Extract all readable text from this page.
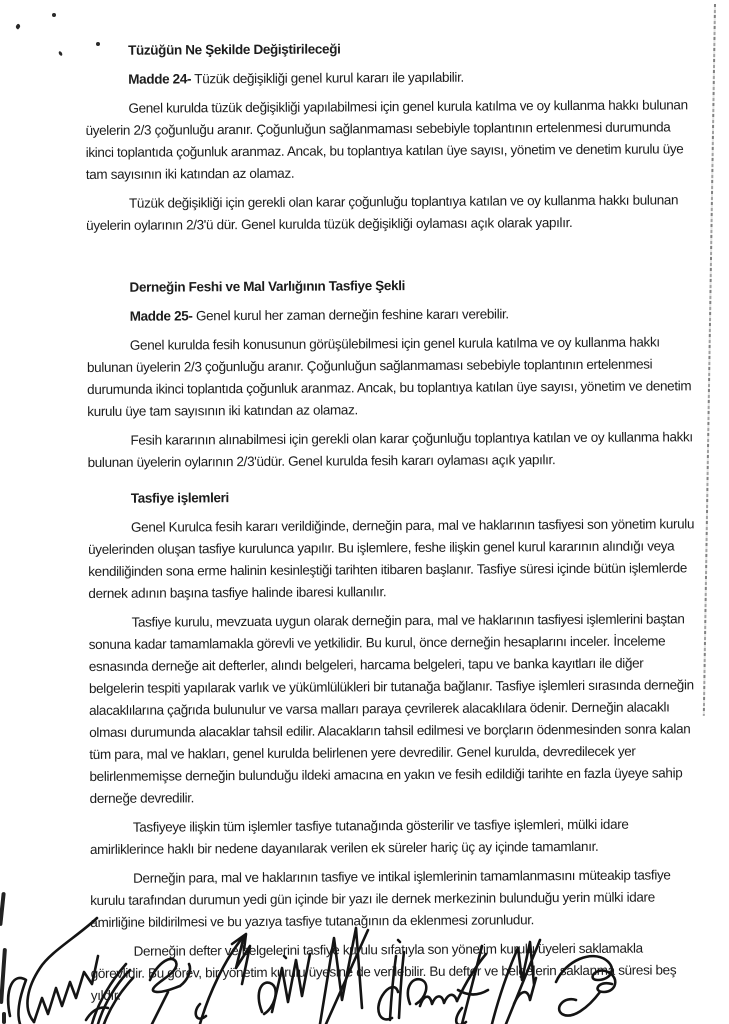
Tüzüğün Ne Şekilde Değiştirileceği

Madde 24- Tüzük değişikliği genel kurul kararı ile yapılabilir.

Genel kurulda tüzük değişikliği yapılabilmesi için genel kurula katılma ve oy kullanma hakkı bulunan üyelerin 2/3 çoğunluğu aranır. Çoğunluğun sağlanmaması sebebiyle toplantının ertelenmesi durumunda ikinci toplantıda çoğunluk aranmaz. Ancak, bu toplantıya katılan üye sayısı, yönetim ve denetim kurulu üye tam sayısının iki katından az olamaz.

Tüzük değişikliği için gerekli olan karar çoğunluğu toplantıya katılan ve oy kullanma hakkı bulunan üyelerin oylarının 2/3'ü dür. Genel kurulda tüzük değişikliği oylaması açık olarak yapılır.

Derneğin Feshi ve Mal Varlığının Tasfiye Şekli

Madde 25- Genel kurul her zaman derneğin feshine kararı verebilir.

Genel kurulda fesih konusunun görüşülebilmesi için genel kurula katılma ve oy kullanma hakkı bulunan üyelerin 2/3 çoğunluğu aranır. Çoğunluğun sağlanmaması sebebiyle toplantının ertelenmesi durumunda ikinci toplantıda çoğunluk aranmaz. Ancak, bu toplantıya katılan üye sayısı, yönetim ve denetim kurulu üye tam sayısının iki katından az olamaz.

Fesih kararının alınabilmesi için gerekli olan karar çoğunluğu toplantıya katılan ve oy kullanma hakkı bulunan üyelerin oylarının 2/3'üdür. Genel kurulda fesih kararı oylaması açık yapılır.

Tasfiye işlemleri

Genel Kurulca fesih kararı verildiğinde, derneğin para, mal ve haklarının tasfiyesi son yönetim kurulu üyelerinden oluşan tasfiye kurulunca yapılır. Bu işlemlere, feshe ilişkin genel kurul kararının alındığı veya kendiliğinden sona erme halinin kesinleştiği tarihten itibaren başlanır. Tasfiye süresi içinde bütün işlemlerde dernek adının başına tasfiye halinde ibaresi kullanılır.

Tasfiye kurulu, mevzuata uygun olarak derneğin para, mal ve haklarının tasfiyesi işlemlerini baştan sonuna kadar tamamlamakla görevli ve yetkilidir. Bu kurul, önce derneğin hesaplarını inceler. İnceleme esnasında derneğe ait defterler, alındı belgeleri, harcama belgeleri, tapu ve banka kayıtları ile diğer belgelerin tespiti yapılarak varlık ve yükümlülükleri bir tutanağa bağlanır. Tasfiye işlemleri sırasında derneğin alacaklılarına çağrıda bulunulur ve varsa malları paraya çevrilerek alacaklılara ödenir. Derneğin alacaklı olması durumunda alacaklar tahsil edilir. Alacakların tahsil edilmesi ve borçların ödenmesinden sonra kalan tüm para, mal ve hakları, genel kurulda belirlenen yere devredilir. Genel kurulda, devredilecek yer belirlenmemişse derneğin bulunduğu ildeki amacına en yakın ve fesih edildiği tarihte en fazla üyeye sahip derneğe devredilir.

Tasfiyeye ilişkin tüm işlemler tasfiye tutanağında gösterilir ve tasfiye işlemleri, mülki idare amirliklerince haklı bir nedene dayanılarak verilen ek süreler hariç üç ay içinde tamamlanır.

Derneğin para, mal ve haklarının tasfiye ve intikal işlemlerinin tamamlanmasını müteakip tasfiye kurulu tarafından durumun yedi gün içinde bir yazı ile dernek merkezinin bulunduğu yerin mülki idare amirliğine bildirilmesi ve bu yazıya tasfiye tutanağının da eklenmesi zorunludur.

Derneğin defter ve belgelerini tasfiye kurulu sıfatıyla son yönetim kurulu üyeleri saklamakla görevlidir. Bu görev, bir yönetim kurulu üyesine de verilebilir. Bu defter ve belgelerin saklanma süresi beş yıldır.
